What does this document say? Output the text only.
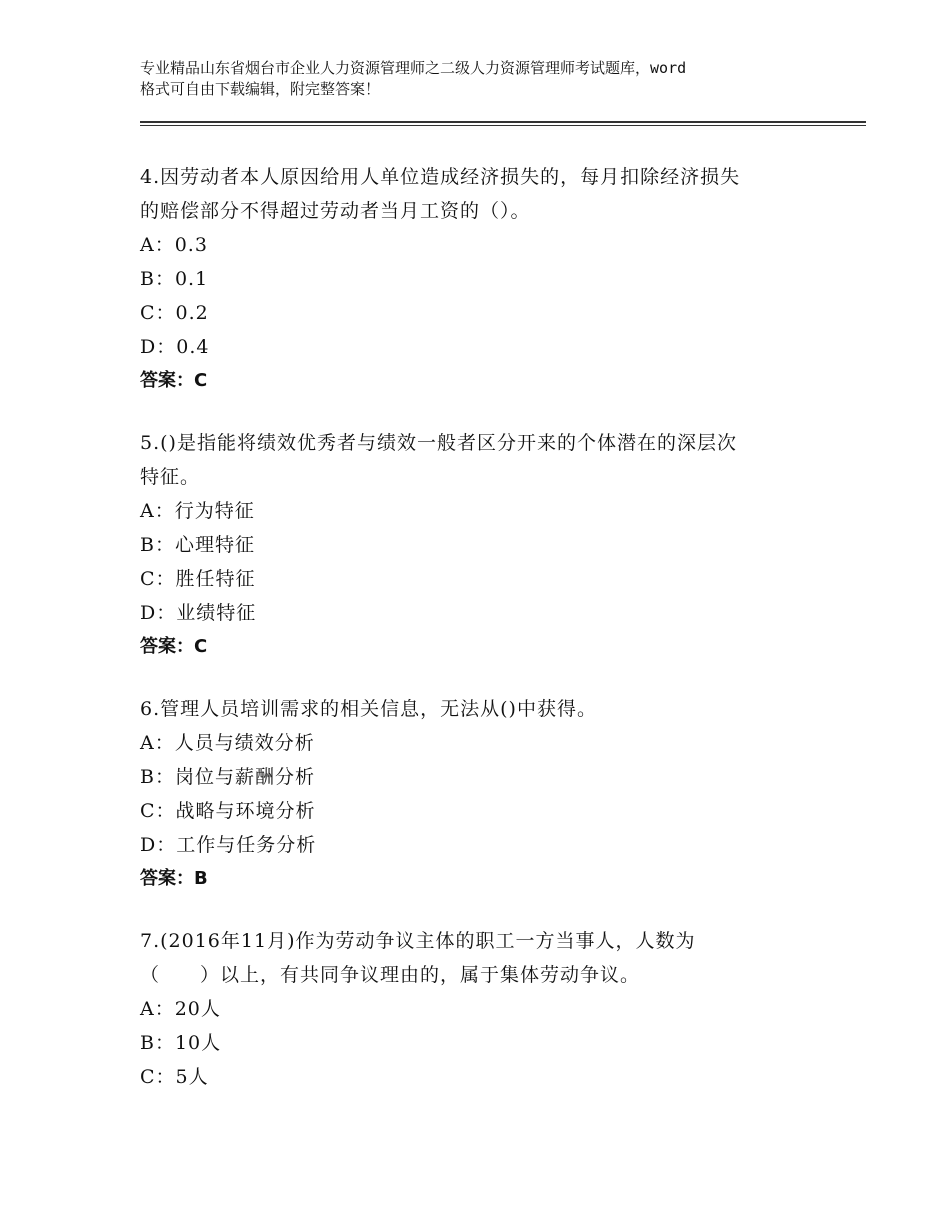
专业精品山东省烟台市企业人力资源管理师之二级人力资源管理师考试题库，word
格式可自由下载编辑，附完整答案！
4.因劳动者本人原因给用人单位造成经济损失的，每月扣除经济损失
的赔偿部分不得超过劳动者当月工资的（）。
A：0.3
B：0.1
C：0.2
D：0.4
答案：C
5.()是指能将绩效优秀者与绩效一般者区分开来的个体潜在的深层次
特征。
A：行为特征
B：心理特征
C：胜任特征
D：业绩特征
答案：C
6.管理人员培训需求的相关信息，无法从()中获得。
A：人员与绩效分析
B：岗位与薪酬分析
C：战略与环境分析
D：工作与任务分析
答案：B
7.(2016年11月)作为劳动争议主体的职工一方当事人，人数为
（　　）以上，有共同争议理由的，属于集体劳动争议。
A：20人
B：10人
C：5人
